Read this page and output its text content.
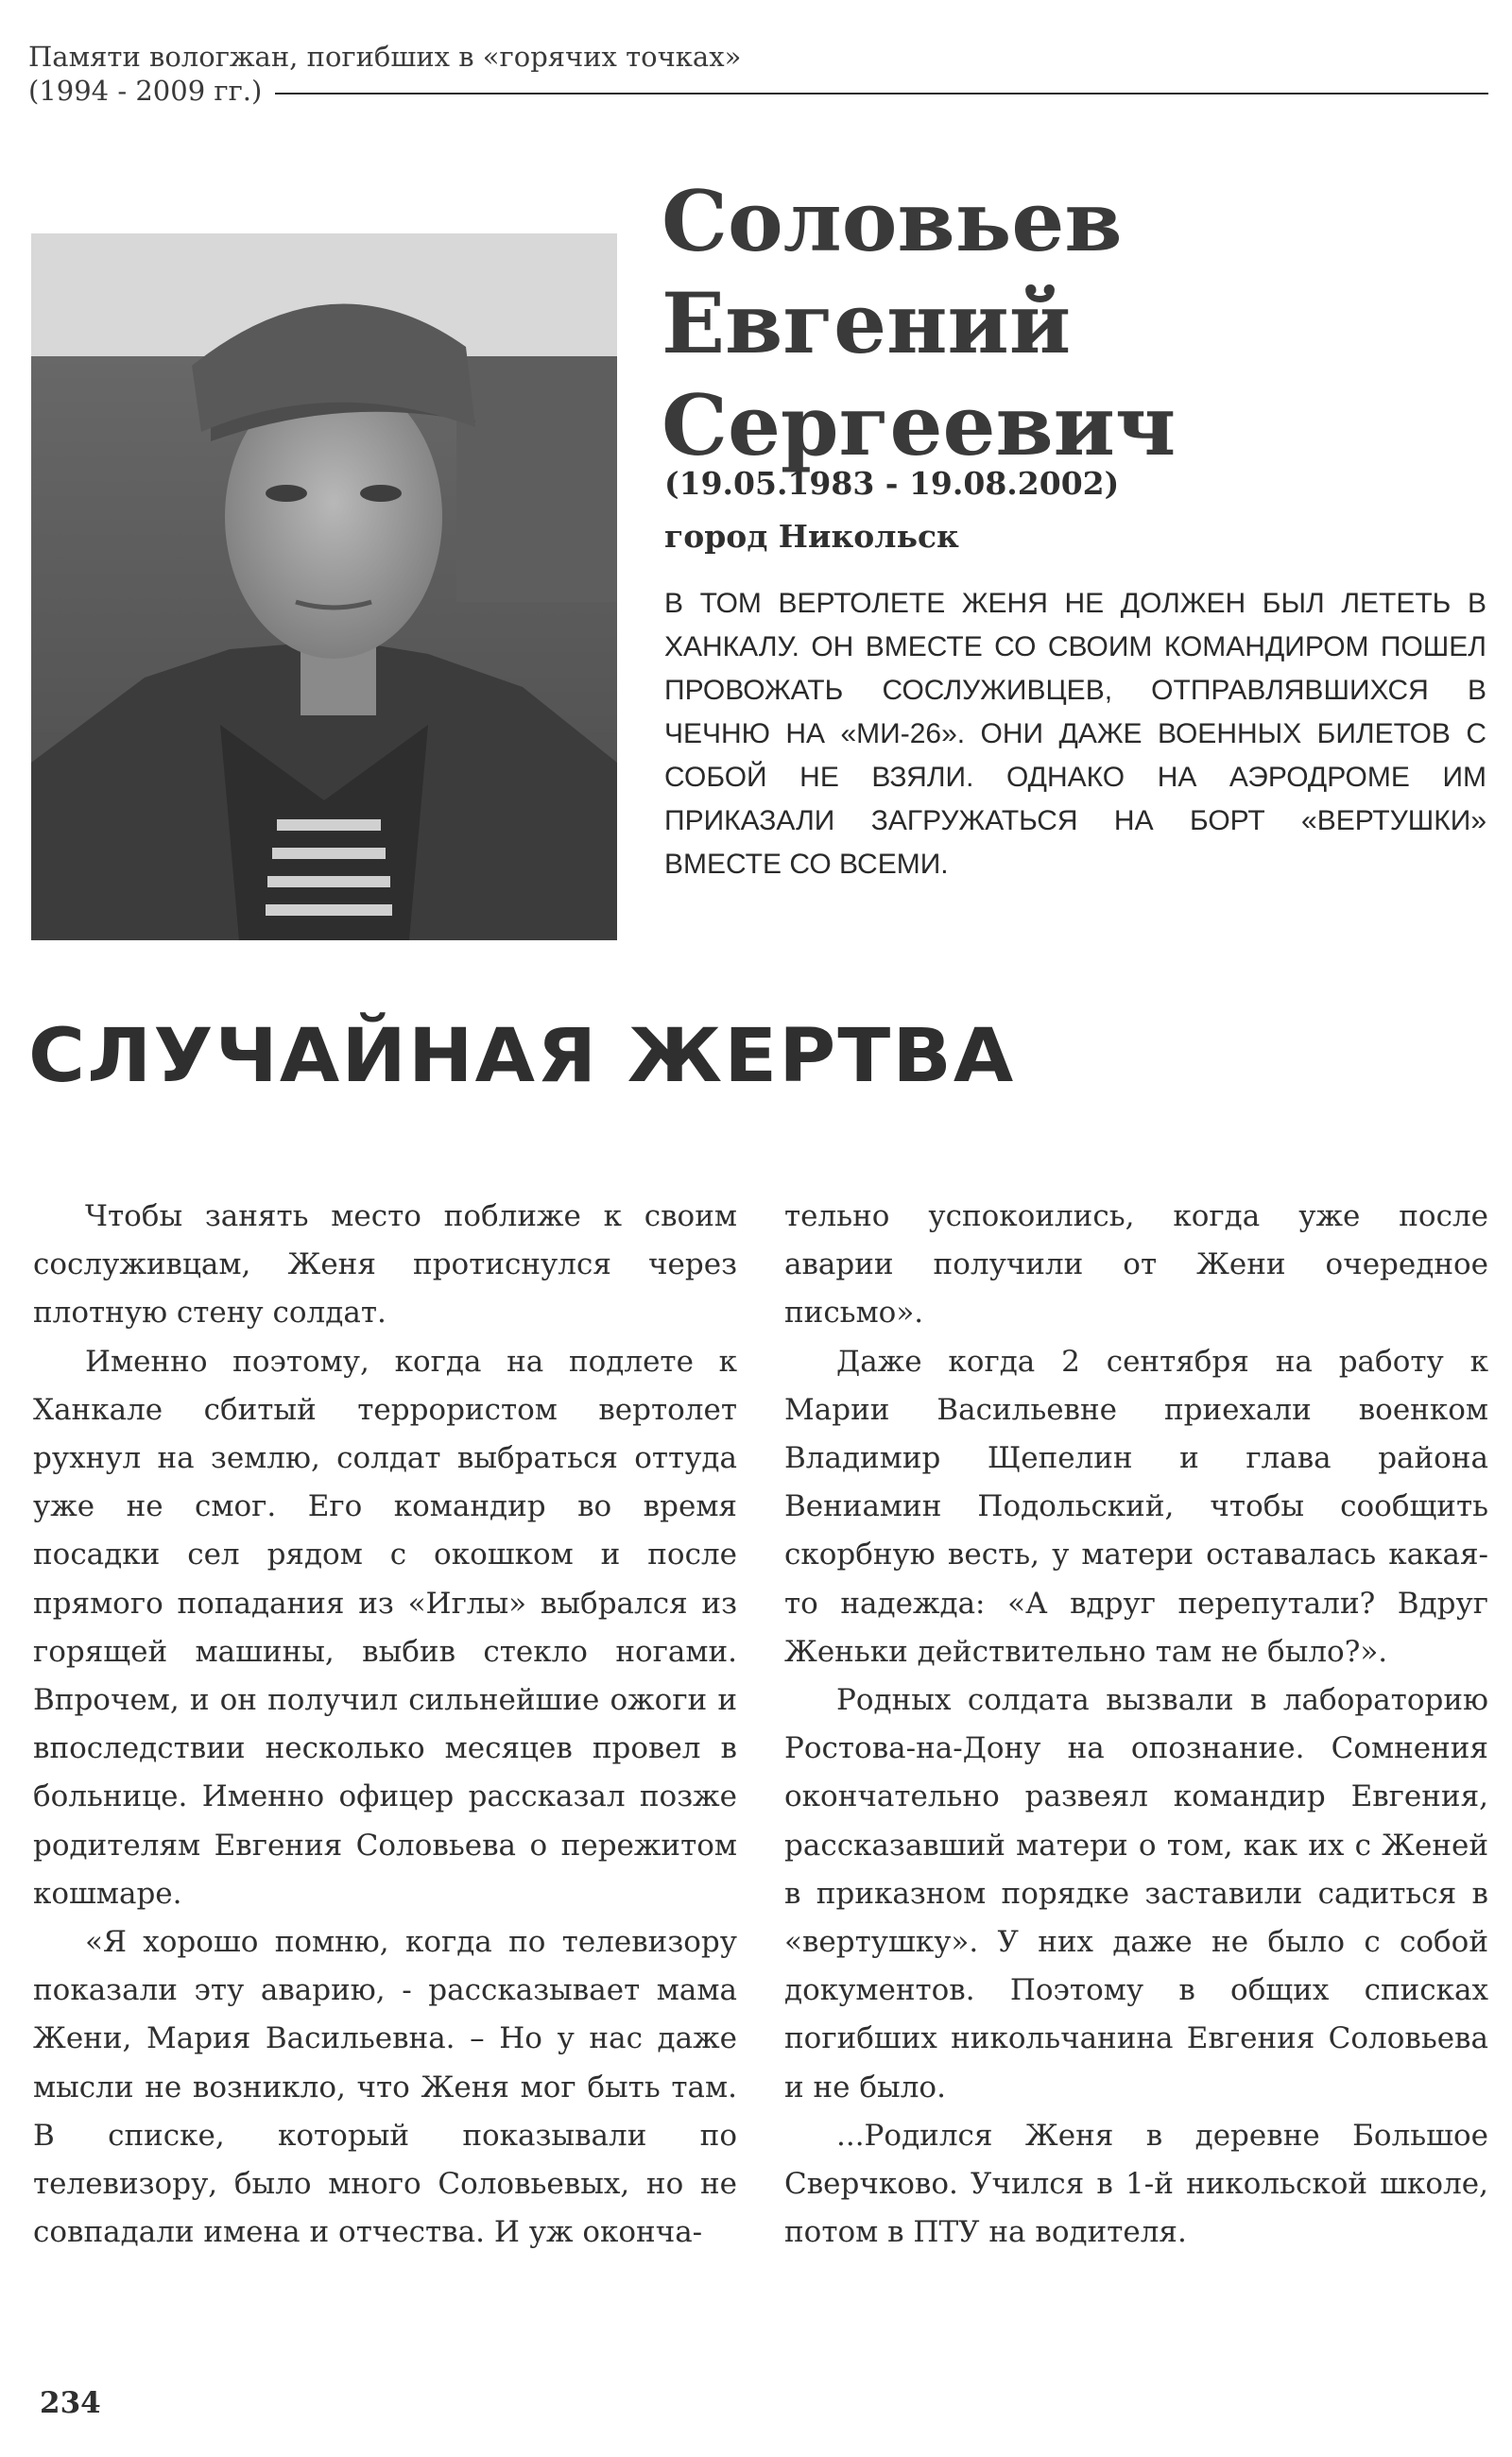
Памяти вологжан, погибших в «горячих точках»
(1994 - 2009 гг.)
Соловьев
Евгений
Сергеевич
(19.05.1983 - 19.08.2002)
город Никольск
В ТОМ ВЕРТОЛЕТЕ ЖЕНЯ НЕ ДОЛЖЕН БЫЛ ЛЕТЕТЬ В ХАНКАЛУ. ОН ВМЕСТЕ СО СВОИМ КОМАНДИРОМ ПОШЕЛ ПРОВОЖАТЬ СОСЛУЖИВЦЕВ, ОТПРАВЛЯВШИХСЯ В ЧЕЧНЮ НА «МИ-26». ОНИ ДАЖЕ ВОЕННЫХ БИЛЕТОВ С СОБОЙ НЕ ВЗЯЛИ. ОДНАКО НА АЭРОДРОМЕ ИМ ПРИКАЗАЛИ ЗАГРУЖАТЬСЯ НА БОРТ «ВЕРТУШКИ» ВМЕСТЕ СО ВСЕМИ.
СЛУЧАЙНАЯ ЖЕРТВА

Чтобы занять место поближе к своим сослуживцам, Женя протиснулся через плотную стену солдат.

Именно поэтому, когда на подлете к Ханкале сбитый террористом вертолет рухнул на землю, солдат выбраться оттуда уже не смог. Его командир во время посадки сел рядом с окошком и после прямого попадания из «Иглы» выбрался из горящей машины, выбив стекло ногами. Впрочем, и он получил сильнейшие ожоги и впоследствии несколько месяцев провел в больнице. Именно офицер рассказал позже родителям Евгения Соловьева о пережитом кошмаре.

«Я хорошо помню, когда по телевизору показали эту аварию, - рассказывает мама Жени, Мария Васильевна. – Но у нас даже мысли не возникло, что Женя мог быть там. В списке, который показывали по телевизору, было много Соловьевых, но не совпадали имена и отчества. И уж оконча-

тельно успокоились, когда уже после аварии получили от Жени очередное письмо».

Даже когда 2 сентября на работу к Марии Васильевне приехали военком Владимир Щепелин и глава района Вениамин Подольский, чтобы сообщить скорбную весть, у матери оставалась какая-то надежда: «А вдруг перепутали? Вдруг Женьки действительно там не было?».

Родных солдата вызвали в лабораторию Ростова-на-Дону на опознание. Сомнения окончательно развеял командир Евгения, рассказавший матери о том, как их с Женей в приказном порядке заставили садиться в «вертушку». У них даже не было с собой документов. Поэтому в общих списках погибших никольчанина Евгения Соловьева и не было.

...Родился Женя в деревне Большое Сверчково. Учился в 1-й никольской школе, потом в ПТУ на водителя.

234
